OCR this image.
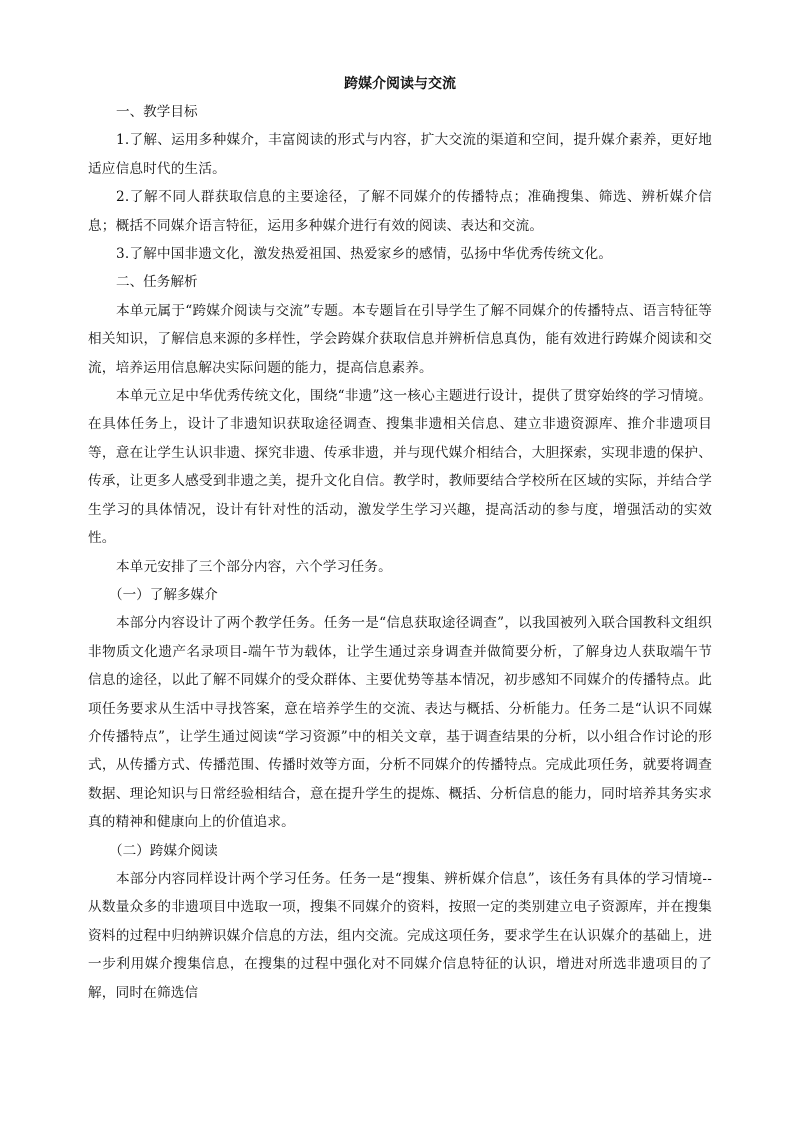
跨媒介阅读与交流

一、教学目标

1.了解、运用多种媒介，丰富阅读的形式与内容，扩大交流的渠道和空间，提升媒介素养，更好地适应信息时代的生活。

2.了解不同人群获取信息的主要途径，了解不同媒介的传播特点；准确搜集、筛选、辨析媒介信息；概括不同媒介语言特征，运用多种媒介进行有效的阅读、表达和交流。

3.了解中国非遗文化，激发热爱祖国、热爱家乡的感情，弘扬中华优秀传统文化。

二、任务解析

本单元属于“跨媒介阅读与交流”专题。本专题旨在引导学生了解不同媒介的传播特点、语言特征等相关知识，了解信息来源的多样性，学会跨媒介获取信息并辨析信息真伪，能有效进行跨媒介阅读和交流，培养运用信息解决实际问题的能力，提高信息素养。

本单元立足中华优秀传统文化，围绕“非遗”这一核心主题进行设计，提供了贯穿始终的学习情境。在具体任务上，设计了非遗知识获取途径调查、搜集非遗相关信息、建立非遗资源库、推介非遗项目等，意在让学生认识非遗、探究非遗、传承非遗，并与现代媒介相结合，大胆探索，实现非遗的保护、传承，让更多人感受到非遗之美，提升文化自信。教学时，教师要结合学校所在区域的实际，并结合学生学习的具体情况，设计有针对性的活动，激发学生学习兴趣，提高活动的参与度，增强活动的实效性。

本单元安排了三个部分内容，六个学习任务。

（一）了解多媒介

本部分内容设计了两个教学任务。任务一是“信息获取途径调查”，以我国被列入联合国教科文组织非物质文化遗产名录项目-端午节为载体，让学生通过亲身调查并做简要分析，了解身边人获取端午节信息的途径，以此了解不同媒介的受众群体、主要优势等基本情况，初步感知不同媒介的传播特点。此项任务要求从生活中寻找答案，意在培养学生的交流、表达与概括、分析能力。任务二是“认识不同媒介传播特点”，让学生通过阅读“学习资源”中的相关文章，基于调查结果的分析，以小组合作讨论的形式，从传播方式、传播范围、传播时效等方面，分析不同媒介的传播特点。完成此项任务，就要将调查数据、理论知识与日常经验相结合，意在提升学生的提炼、概括、分析信息的能力，同时培养其务实求真的精神和健康向上的价值追求。

（二）跨媒介阅读

本部分内容同样设计两个学习任务。任务一是“搜集、辨析媒介信息”，该任务有具体的学习情境--从数量众多的非遗项目中选取一项，搜集不同媒介的资料，按照一定的类别建立电子资源库，并在搜集资料的过程中归纳辨识媒介信息的方法，组内交流。完成这项任务，要求学生在认识媒介的基础上，进一步利用媒介搜集信息，在搜集的过程中强化对不同媒介信息特征的认识，增进对所选非遗项目的了解，同时在筛选信
